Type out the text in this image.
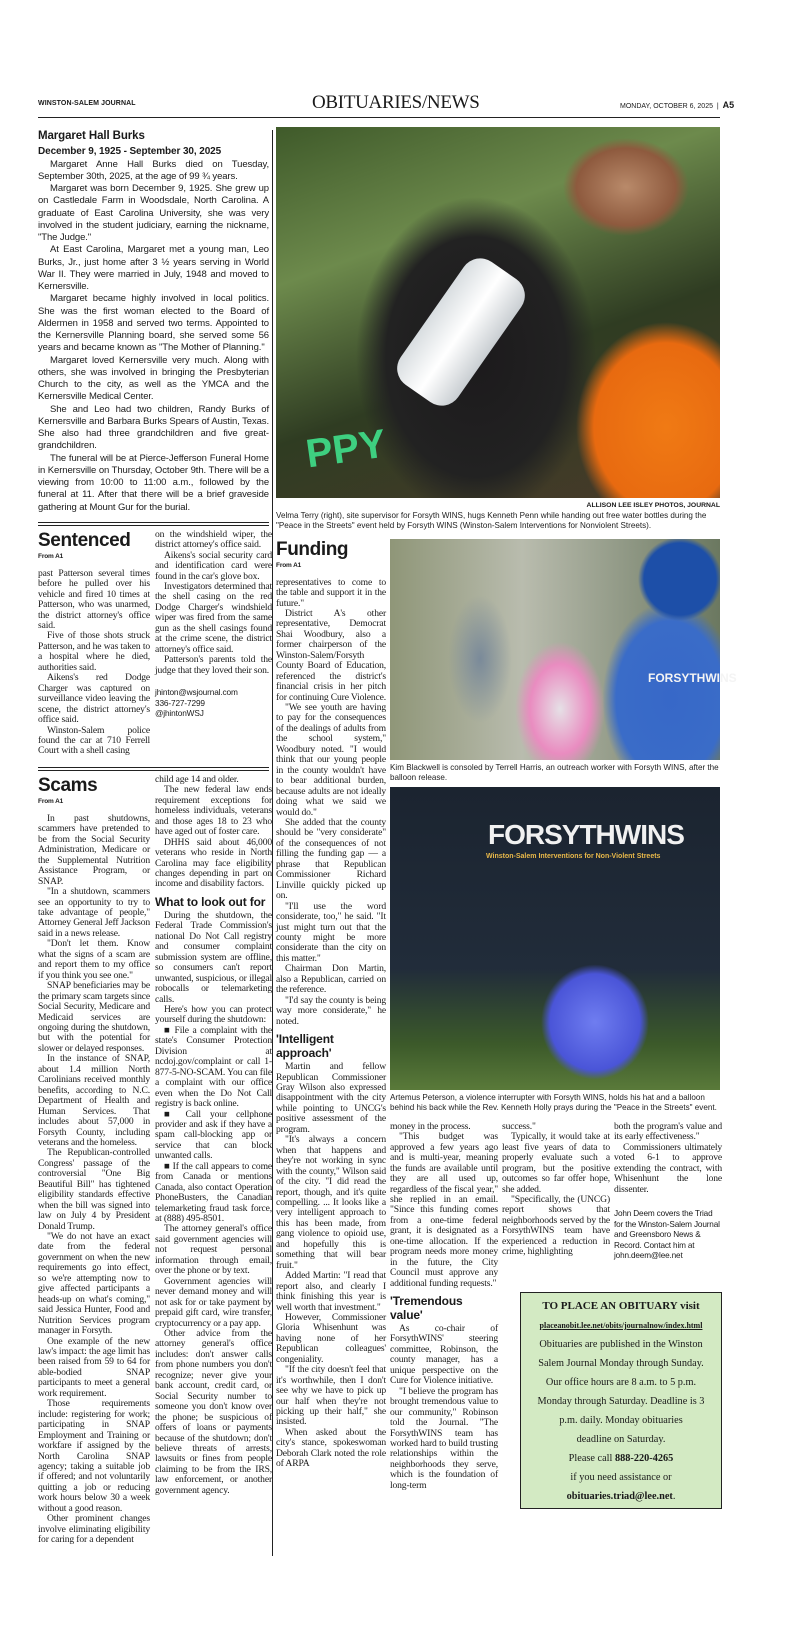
WINSTON-SALEM JOURNAL	OBITUARIES/NEWS	MONDAY, OCTOBER 6, 2025 | A5
Margaret Hall Burks
December 9, 1925 - September 30, 2025

Margaret Anne Hall Burks died on Tuesday, September 30th, 2025, at the age of 99 ¾ years.

Margaret was born December 9, 1925. She grew up on Castledale Farm in Woodsdale, North Carolina. A graduate of East Carolina University, she was very involved in the student judiciary, earning the nickname, "The Judge."

At East Carolina, Margaret met a young man, Leo Burks, Jr., just home after 3 ½ years serving in World War II. They were married in July, 1948 and moved to Kernersville.

Margaret became highly involved in local politics. She was the first woman elected to the Board of Aldermen in 1958 and served two terms. Appointed to the Kernersville Planning board, she served some 56 years and became known as "The Mother of Planning."

Margaret loved Kernersville very much. Along with others, she was involved in bringing the Presbyterian Church to the city, as well as the YMCA and the Kernersville Medical Center.

She and Leo had two children, Randy Burks of Kernersville and Barbara Burks Spears of Austin, Texas. She also had three grandchildren and five great-grandchildren.

The funeral will be at Pierce-Jefferson Funeral Home in Kernersville on Thursday, October 9th. There will be a viewing from 10:00 to 11:00 a.m., followed by the funeral at 11. After that there will be a brief graveside gathering at Mount Gur for the burial.

Sentenced
From A1

past Patterson several times before he pulled over his vehicle and fired 10 times at Patterson, who was unarmed, the district attorney's office said.

Five of those shots struck Patterson, and he was taken to a hospital where he died, authorities said.

Aikens's red Dodge Charger was captured on surveillance video leaving the scene, the district attorney's office said.

Winston-Salem police found the car at 710 Ferrell Court with a shell casing

on the windshield wiper, the district attorney's office said.

Aikens's social security card and identification card were found in the car's glove box.

Investigators determined that the shell casing on the red Dodge Charger's windshield wiper was fired from the same gun as the shell casings found at the crime scene, the district attorney's office said.

Patterson's parents told the judge that they loved their son.

jhinton@wsjournal.com
336-727-7299
@jhintonWSJ
Scams
From A1

In past shutdowns, scammers have pretended to be from the Social Security Administration, Medicare or the Supplemental Nutrition Assistance Program, or SNAP.

"In a shutdown, scammers see an opportunity to try to take advantage of people," Attorney General Jeff Jackson said in a news release.

"Don't let them. Know what the signs of a scam are and report them to my office if you think you see one."

SNAP beneficiaries may be the primary scam targets since Social Security, Medicare and Medicaid services are ongoing during the shutdown, but with the potential for slower or delayed responses.

In the instance of SNAP, about 1.4 million North Carolinians received monthly benefits, according to N.C. Department of Health and Human Services. That includes about 57,000 in Forsyth County, including veterans and the homeless.

The Republican-controlled Congress' passage of the controversial "One Big Beautiful Bill" has tightened eligibility standards effective when the bill was signed into law on July 4 by President Donald Trump.

"We do not have an exact date from the federal government on when the new requirements go into effect, so we're attempting now to give affected participants a heads-up on what's coming," said Jessica Hunter, Food and Nutrition Services program manager in Forsyth.

One example of the new law's impact: the age limit has been raised from 59 to 64 for able-bodied SNAP participants to meet a general work requirement.

Those requirements include: registering for work; participating in SNAP Employment and Training or workfare if assigned by the North Carolina SNAP agency; taking a suitable job if offered; and not voluntarily quitting a job or reducing work hours below 30 a week without a good reason.

Other prominent changes involve eliminating eligibility for caring for a dependent

child age 14 and older.

The new federal law ends requirement exceptions for homeless individuals, veterans and those ages 18 to 23 who have aged out of foster care.

DHHS said about 46,000 veterans who reside in North Carolina may face eligibility changes depending in part on income and disability factors.

What to look out for

During the shutdown, the Federal Trade Commission's national Do Not Call registry and consumer complaint submission system are offline, so consumers can't report unwanted, suspicious, or illegal robocalls or telemarketing calls.

Here's how you can protect yourself during the shutdown:

■ File a complaint with the state's Consumer Protection Division at ncdoj.gov/complaint or call 1-877-5-NO-SCAM. You can file a complaint with our office even when the Do Not Call registry is back online.

■ Call your cellphone provider and ask if they have a spam call-blocking app or service that can block unwanted calls.

■ If the call appears to come from Canada or mentions Canada, also contact Operation PhoneBusters, the Canadian telemarketing fraud task force, at (888) 495-8501.

The attorney general's office said government agencies will not request personal information through email, over the phone or by text.

Government agencies will never demand money and will not ask for or take payment by prepaid gift card, wire transfer, cryptocurrency or a pay app.

Other advice from the attorney general's office includes: don't answer calls from phone numbers you don't recognize; never give your bank account, credit card, or Social Security number to someone you don't know over the phone; be suspicious of offers of loans or payments because of the shutdown; don't believe threats of arrests, lawsuits or fines from people claiming to be from the IRS, law enforcement, or another government agency.

PPY
ALLISON LEE ISLEY PHOTOS, JOURNAL
Velma Terry (right), site supervisor for Forsyth WINS, hugs Kenneth Penn while handing out free water bottles during the "Peace in the Streets" event held by Forsyth WINS (Winston-Salem Interventions for Nonviolent Streets).
Funding
From A1

representatives to come to the table and support it in the future."

District A's other representative, Democrat Shai Woodbury, also a former chairperson of the Winston-Salem/Forsyth County Board of Education, referenced the district's financial crisis in her pitch for continuing Cure Violence.

"We see youth are having to pay for the consequences of the dealings of adults from the school system," Woodbury noted. "I would think that our young people in the county wouldn't have to bear additional burden, because adults are not ideally doing what we said we would do."

She added that the county should be "very considerate" of the consequences of not filling the funding gap — a phrase that Republican Commissioner Richard Linville quickly picked up on.

"I'll use the word considerate, too," he said. "It just might turn out that the county might be more considerate than the city on this matter."

Chairman Don Martin, also a Republican, carried on the reference.

"I'd say the county is being way more considerate," he noted.

'Intelligent approach'

Martin and fellow Republican Commissioner Gray Wilson also expressed disappointment with the city while pointing to UNCG's positive assessment of the program.

"It's always a concern when that happens and they're not working in sync with the county," Wilson said of the city. "I did read the report, though, and it's quite compelling. ... It looks like a very intelligent approach to this has been made, from gang violence to opioid use, and hopefully this is something that will bear fruit."

Added Martin: "I read that report also, and clearly I think finishing this year is well worth that investment."

However, Commissioner Gloria Whisenhunt was having none of her Republican colleagues' congeniality.

"If the city doesn't feel that it's worthwhile, then I don't see why we have to pick up our half when they're not picking up their half," she insisted.

When asked about the city's stance, spokeswoman Deborah Clark noted the role of ARPA

FORSYTHWINS
Kim Blackwell is consoled by Terrell Harris, an outreach worker with Forsyth WINS, after the balloon release.
FORSYTHWINS
Winston-Salem Interventions for Non-Violent Streets
Artemus Peterson, a violence interrupter with Forsyth WINS, holds his hat and a balloon behind his back while the Rev. Kenneth Holly prays during the "Peace in the Streets" event.

money in the process.

"This budget was approved a few years ago and is multi-year, meaning the funds are available until they are all used up, regardless of the fiscal year," she replied in an email. "Since this funding comes from a one-time federal grant, it is designated as a one-time allocation. If the program needs more money in the future, the City Council must approve any additional funding requests."

'Tremendous value'

As co-chair of ForsythWINS' steering committee, Robinson, the county manager, has a unique perspective on the Cure for Violence initiative.

"I believe the program has brought tremendous value to our community," Robinson told the Journal. "The ForsythWINS team has worked hard to build trusting relationships within the neighborhoods they serve, which is the foundation of long-term

success."

Typically, it would take at least five years of data to properly evaluate such a program, but the positive outcomes so far offer hope, she added.

"Specifically, the (UNCG) report shows that neighborhoods served by the ForsythWINS team have experienced a reduction in crime, highlighting

both the program's value and its early effectiveness."

Commissioners ultimately voted 6-1 to approve extending the contract, with Whisenhunt the lone dissenter.

John Deem covers the Triad for the Winston-Salem Journal and Greensboro News & Record. Contact him at john.deem@lee.net
TO PLACE AN OBITUARY visit
placeanobit.lee.net/obits/journalnow/index.html
Obituaries are published in the Winston
Salem Journal Monday through Sunday.
Our office hours are 8 a.m. to 5 p.m.
Monday through Saturday. Deadline is 3
p.m. daily. Monday obituaries
deadline on Saturday.
Please call 888-220-4265
if you need assistance or
obituaries.triad@lee.net.
